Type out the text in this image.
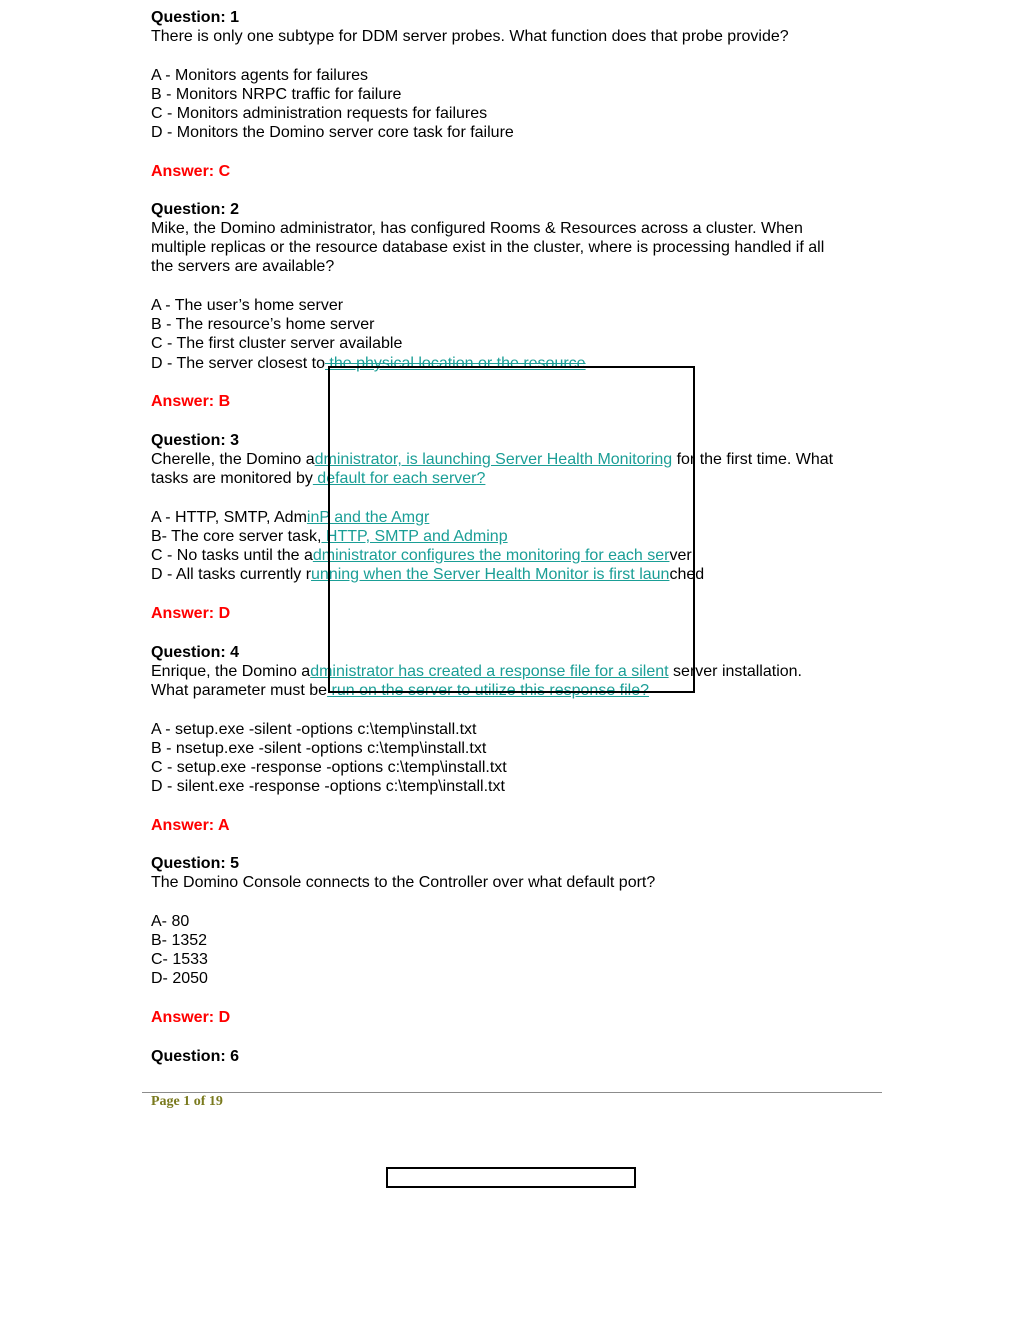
Question: 1

There is only one subtype for DDM server probes. What function does that probe provide?

A - Monitors agents for failures

B - Monitors NRPC traffic for failure

C - Monitors administration requests for failures

D - Monitors the Domino server core task for failure

Answer: C

Question: 2

Mike, the Domino administrator, has configured Rooms & Resources across a cluster. When

multiple replicas or the resource database exist in the cluster, where is processing handled if all

the servers are available?

A - The user’s home server

B - The resource’s home server

C - The first cluster server available

D - The server closest to the physical location or the resource

Answer: B

Question: 3

Cherelle, the Domino administrator, is launching Server Health Monitoring for the first time. What

tasks are monitored by default for each server?

A - HTTP, SMTP, AdminP and the Amgr

B- The core server task, HTTP, SMTP and Adminp

C - No tasks until the administrator configures the monitoring for each server

D - All tasks currently running when the Server Health Monitor is first launched

Answer: D

Question: 4

Enrique, the Domino administrator has created a response file for a silent server installation.

What parameter must be run on the server to utilize this response file?

A - setup.exe -silent -options c:\temp\install.txt

B - nsetup.exe -silent -options c:\temp\install.txt

C - setup.exe -response -options c:\temp\install.txt

D - silent.exe -response -options c:\temp\install.txt

Answer: A

Question: 5

The Domino Console connects to the Controller over what default port?

A- 80

B- 1352

C- 1533

D- 2050

Answer: D

Question: 6

Page 1 of 19
